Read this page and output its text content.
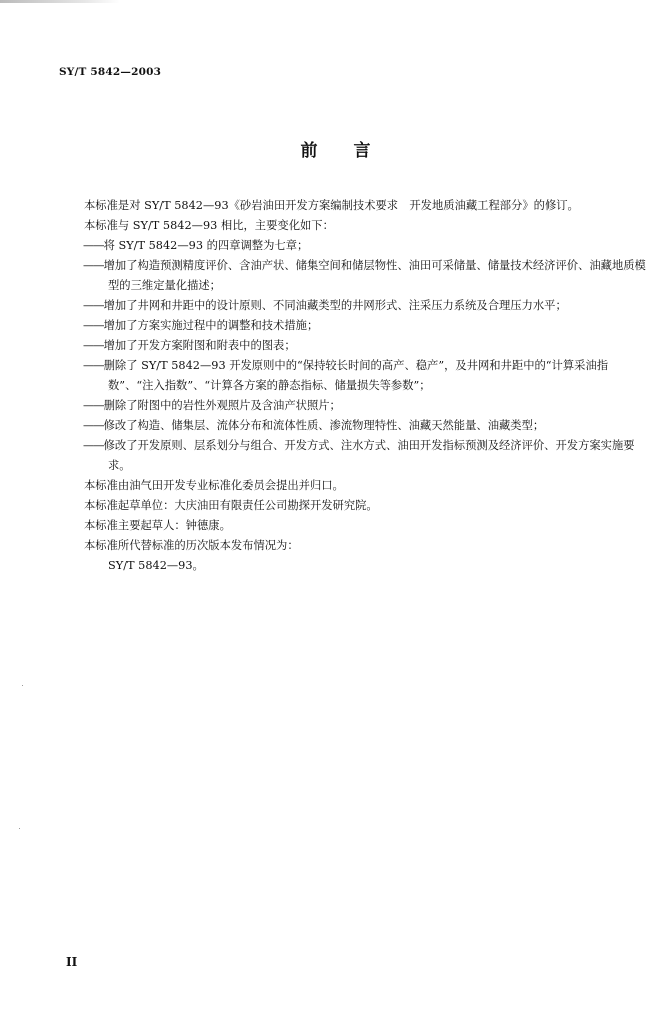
SY/T 5842—2003
前言

本标准是对 SY/T 5842—93《砂岩油田开发方案编制技术要求　开发地质油藏工程部分》的修订。

本标准与 SY/T 5842—93 相比，主要变化如下：

——将 SY/T 5842—93 的四章调整为七章；

——增加了构造预测精度评价、含油产状、储集空间和储层物性、油田可采储量、储量技术经济评价、油藏地质模型的三维定量化描述；

——增加了井网和井距中的设计原则、不同油藏类型的井网形式、注采压力系统及合理压力水平；

——增加了方案实施过程中的调整和技术措施；

——增加了开发方案附图和附表中的图表；

——删除了 SY/T 5842—93 开发原则中的“保持较长时间的高产、稳产”，及井网和井距中的“计算采油指数”、“注入指数”、“计算各方案的静态指标、储量损失等参数”；

——删除了附图中的岩性外观照片及含油产状照片；

——修改了构造、储集层、流体分布和流体性质、渗流物理特性、油藏天然能量、油藏类型；

——修改了开发原则、层系划分与组合、开发方式、注水方式、油田开发指标预测及经济评价、开发方案实施要求。

本标准由油气田开发专业标准化委员会提出并归口。

本标准起草单位：大庆油田有限责任公司勘探开发研究院。

本标准主要起草人：钟德康。

本标准所代替标准的历次版本发布情况为：

SY/T 5842—93。

II
